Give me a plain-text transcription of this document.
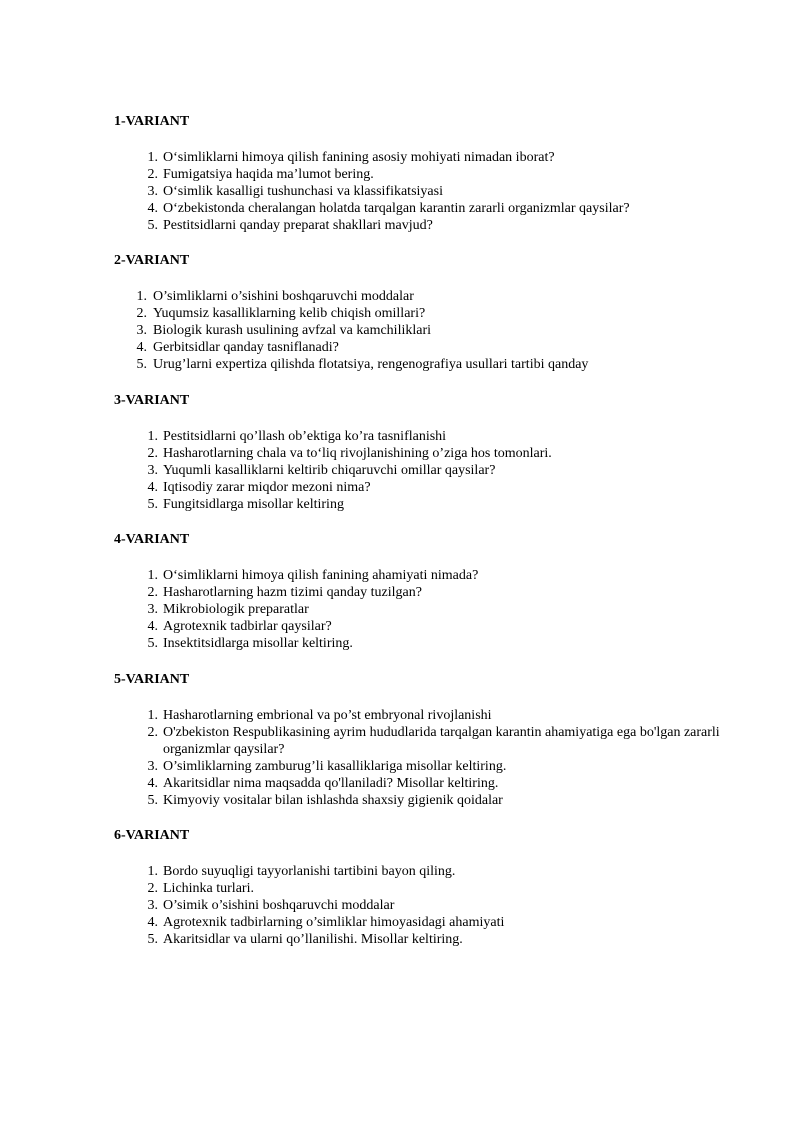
1-VARIANT

1. O‘simliklarni himoya qilish fanining asosiy mohiyati nimadan iborat?
2. Fumigatsiya haqida ma’lumot bering.
3. O‘simlik kasalligi tushunchasi va klassifikatsiyasi
4. O‘zbekistonda cheralangan holatda tarqalgan karantin zararli organizmlar qaysilar?
5. Pestitsidlarni qanday preparat shakllari mavjud?

2-VARIANT

1. O’simliklarni o’sishini boshqaruvchi moddalar
2. Yuqumsiz kasalliklarning kelib chiqish omillari?
3. Biologik kurash usulining avfzal va kamchiliklari
4. Gerbitsidlar qanday tasniflanadi?
5. Urug’larni expertiza qilishda flotatsiya, rengenografiya usullari tartibi qanday

3-VARIANT

1. Pestitsidlarni qo’llash ob’ektiga ko’ra tasniflanishi
2. Hasharotlarning chala va to‘liq rivojlanishining o’ziga hos tomonlari.
3. Yuqumli kasalliklarni keltirib chiqaruvchi omillar qaysilar?
4. Iqtisodiy zarar miqdor mezoni nima?
5. Fungitsidlarga misollar keltiring

4-VARIANT

1. O‘simliklarni himoya qilish fanining ahamiyati nimada?
2. Hasharotlarning hazm tizimi qanday tuzilgan?
3. Mikrobiologik preparatlar
4. Agrotexnik tadbirlar qaysilar?
5. Insektitsidlarga misollar keltiring.

5-VARIANT

1. Hasharotlarning embrional va po’st embryonal rivojlanishi
2. O'zbekiston Respublikasining ayrim hududlarida tarqalgan karantin ahamiyatiga ega bo'lgan zararli organizmlar qaysilar?
3. O’simliklarning zamburug’li kasalliklariga misollar keltiring.
4. Akaritsidlar nima maqsadda qo'llaniladi? Misollar keltiring.
5. Kimyoviy vositalar bilan ishlashda shaxsiy gigienik qoidalar

6-VARIANT

1. Bordo suyuqligi tayyorlanishi tartibini bayon qiling.
2. Lichinka turlari.
3. O’simik o’sishini boshqaruvchi moddalar
4. Agrotexnik tadbirlarning o’simliklar himoyasidagi ahamiyati
5. Akaritsidlar va ularni qo’llanilishi. Misollar keltiring.
